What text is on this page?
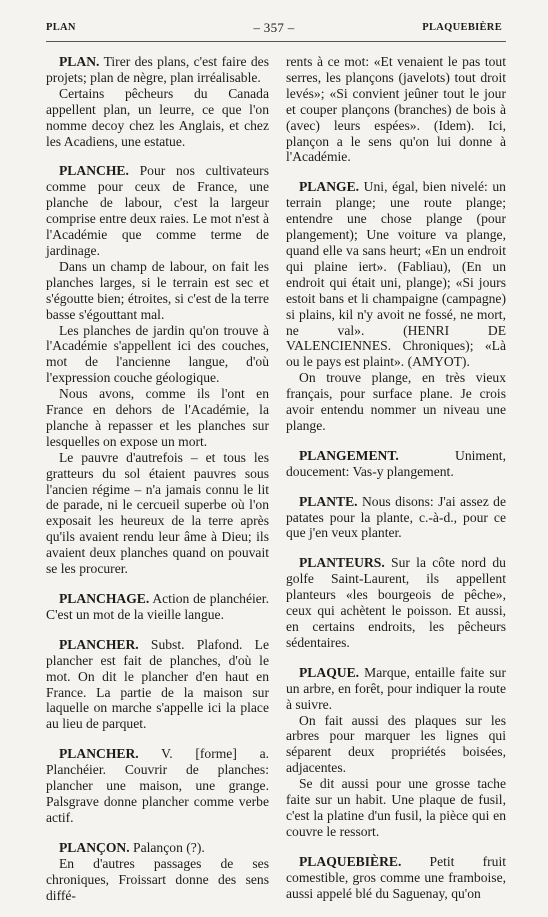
PLAN	– 357 –	PLAQUEBIÈRE

PLAN. Tirer des plans, c'est faire des projets; plan de nègre, plan irréalisable.

Certains pêcheurs du Canada appellent plan, un leurre, ce que l'on nomme decoy chez les Anglais, et chez les Acadiens, une estatue.

PLANCHE. Pour nos cultivateurs comme pour ceux de France, une planche de labour, c'est la largeur comprise entre deux raies. Le mot n'est à l'Académie que comme terme de jardinage.

Dans un champ de labour, on fait les planches larges, si le terrain est sec et s'égoutte bien; étroites, si c'est de la terre basse s'égouttant mal.

Les planches de jardin qu'on trouve à l'Académie s'appellent ici des couches, mot de l'ancienne langue, d'où l'expression couche géologique.

Nous avons, comme ils l'ont en France en dehors de l'Académie, la planche à repasser et les planches sur lesquelles on expose un mort.

Le pauvre d'autrefois – et tous les gratteurs du sol étaient pauvres sous l'ancien régime – n'a jamais connu le lit de parade, ni le cercueil superbe où l'on exposait les heureux de la terre après qu'ils avaient rendu leur âme à Dieu; ils avaient deux planches quand on pouvait se les procurer.

PLANCHAGE. Action de planchéier. C'est un mot de la vieille langue.

PLANCHER. Subst. Plafond. Le plancher est fait de planches, d'où le mot. On dit le plancher d'en haut en France. La partie de la maison sur laquelle on marche s'appelle ici la place au lieu de parquet.

PLANCHER. V. [forme] a. Planchéier. Couvrir de planches: plancher une maison, une grange. Palsgrave donne plancher comme verbe actif.

PLANÇON. Palançon (?).

En d'autres passages de ses chroniques, Froissart donne des sens diffé-

rents à ce mot: «Et venaient le pas tout serres, les plançons (javelots) tout droit levés»; «Si convient jeûner tout le jour et couper plançons (branches) de bois à (avec) leurs espées». (Idem). Ici, plançon a le sens qu'on lui donne à l'Académie.

PLANGE. Uni, égal, bien nivelé: un terrain plange; une route plange; entendre une chose plange (pour plangement); Une voiture va plange, quand elle va sans heurt; «En un endroit qui plaine iert». (Fabliau), (En un endroit qui était uni, plange); «Si jours estoit bans et li champaigne (campagne) si plains, kil n'y avoit ne fossé, ne mort, ne val». (HENRI DE VALENCIENNES. Chroniques); «Là ou le pays est plaint». (AMYOT).

On trouve plange, en très vieux français, pour surface plane. Je crois avoir entendu nommer un niveau une plange.

PLANGEMENT.	Uniment, doucement: Vas-y plangement.

PLANTE. Nous disons: J'ai assez de patates pour la plante, c.-à-d., pour ce que j'en veux planter.

PLANTEURS. Sur la côte nord du golfe Saint-Laurent, ils appellent planteurs «les bourgeois de pêche», ceux qui achètent le poisson. Et aussi, en certains endroits, les pêcheurs sédentaires.

PLAQUE. Marque, entaille faite sur un arbre, en forêt, pour indiquer la route à suivre.

On fait aussi des plaques sur les arbres pour marquer les lignes qui séparent deux propriétés boisées, adjacentes.

Se dit aussi pour une grosse tache faite sur un habit. Une plaque de fusil, c'est la platine d'un fusil, la pièce qui en couvre le ressort.

PLAQUEBIÈRE. Petit fruit comestible, gros comme une framboise, aussi appelé blé du Saguenay, qu'on
